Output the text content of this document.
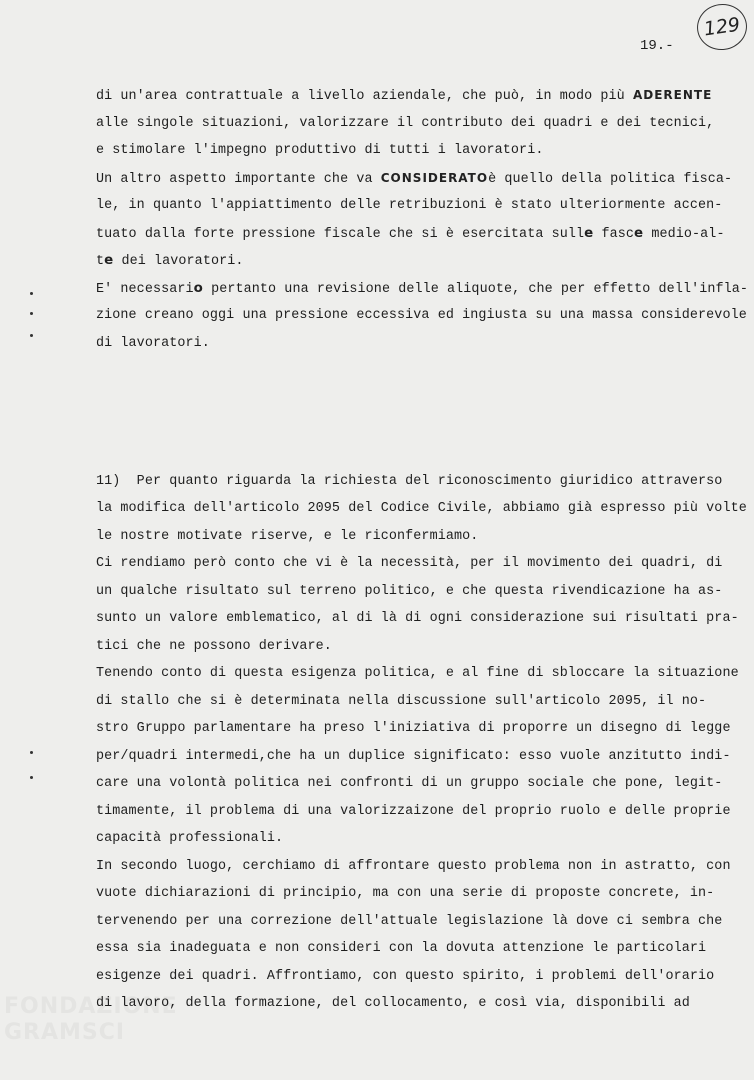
129
19.-
FONDAZIONE
GRAMSCI
di un'area contrattuale a livello aziendale, che può, in modo più ADERENTE
alle singole situazioni, valorizzare il contributo dei quadri e dei tecnici,
e stimolare l'impegno produttivo di tutti i lavoratori.
Un altro aspetto importante che va CONSIDERATOè quello della politica fisca-
le, in quanto l'appiattimento delle retribuzioni è stato ulteriormente accen-
tuato dalla forte pressione fiscale che si è esercitata sulle fasce medio-al-
te dei lavoratori.
E' necessario pertanto una revisione delle aliquote, che per effetto dell'infla-
zione creano oggi una pressione eccessiva ed ingiusta su una massa considerevole
di lavoratori.
11)  Per quanto riguarda la richiesta del riconoscimento giuridico attraverso
la modifica dell'articolo 2095 del Codice Civile, abbiamo già espresso più volte
le nostre motivate riserve, e le riconfermiamo.
Ci rendiamo però conto che vi è la necessità, per il movimento dei quadri, di
un qualche risultato sul terreno politico, e che questa rivendicazione ha as-
sunto un valore emblematico, al di là di ogni considerazione sui risultati pra-
tici che ne possono derivare.
Tenendo conto di questa esigenza politica, e al fine di sbloccare la situazione
di stallo che si è determinata nella discussione sull'articolo 2095, il no-
stro Gruppo parlamentare ha preso l'iniziativa di proporre un disegno di legge
per/quadri intermedi,che ha un duplice significato: esso vuole anzitutto indi-
care una volontà politica nei confronti di un gruppo sociale che pone, legit-
timamente, il problema di una valorizzaizone del proprio ruolo e delle proprie
capacità professionali.
In secondo luogo, cerchiamo di affrontare questo problema non in astratto, con
vuote dichiarazioni di principio, ma con una serie di proposte concrete, in-
tervenendo per una correzione dell'attuale legislazione là dove ci sembra che
essa sia inadeguata e non consideri con la dovuta attenzione le particolari
esigenze dei quadri. Affrontiamo, con questo spirito, i problemi dell'orario
di lavoro, della formazione, del collocamento, e così via, disponibili ad
